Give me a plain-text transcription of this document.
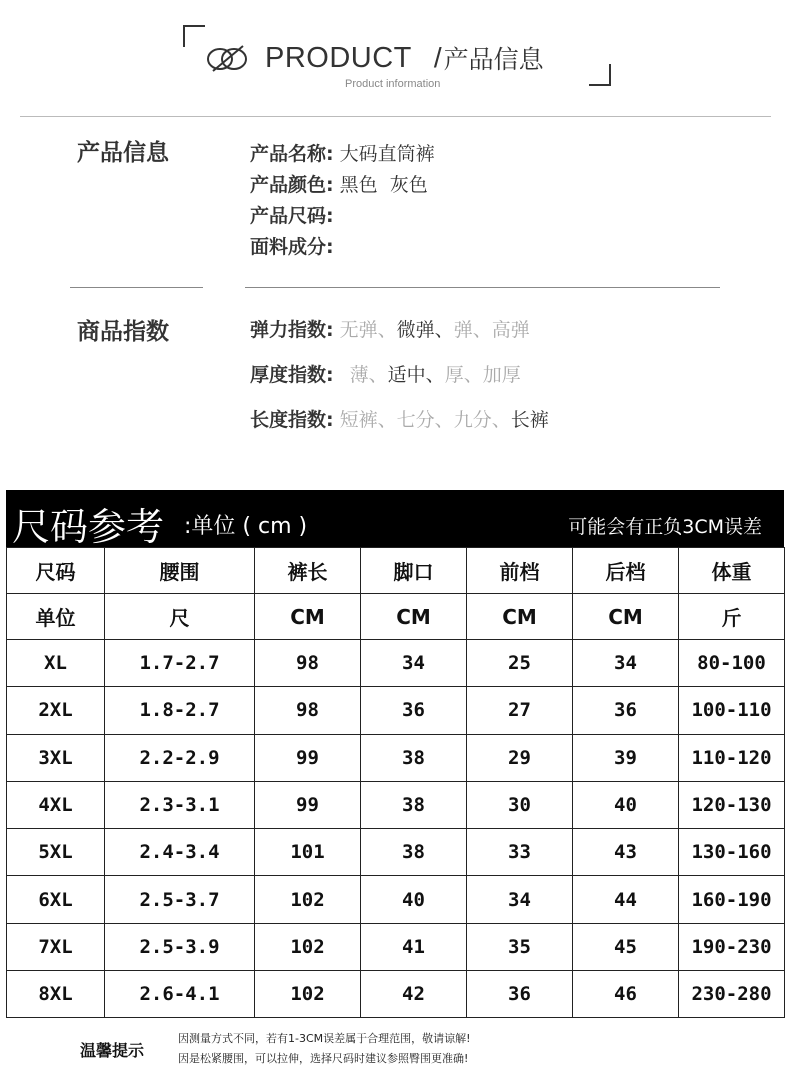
PRODUCT / 产品信息
Product information
产品信息	产品名称: 大码直筒裤
产品颜色: 黑色  灰色
产品尺码:
面料成分:
商品指数	弹力指数: 无弹、微弹、弹、高弹
厚度指数: 薄、适中、厚、加厚
长度指数: 短裤、七分、九分、长裤
尺码参考 :单位 ( cm )	可能会有正负3CM误差
尺码	腰围	裤长	脚口	前档	后档	体重
单位	尺	CM	CM	CM	CM	斤
XL	1.7-2.7	98	34	25	34	80-100
2XL	1.8-2.7	98	36	27	36	100-110
3XL	2.2-2.9	99	38	29	39	110-120
4XL	2.3-3.1	99	38	30	40	120-130
5XL	2.4-3.4	101	38	33	43	130-160
6XL	2.5-3.7	102	40	34	44	160-190
7XL	2.5-3.9	102	41	35	45	190-230
8XL	2.6-4.1	102	42	36	46	230-280
温馨提示
因测量方式不同，若有1-3CM误差属于合理范围，敬请谅解!
因是松紧腰围，可以拉伸，选择尺码时建议参照臀围更准确!
